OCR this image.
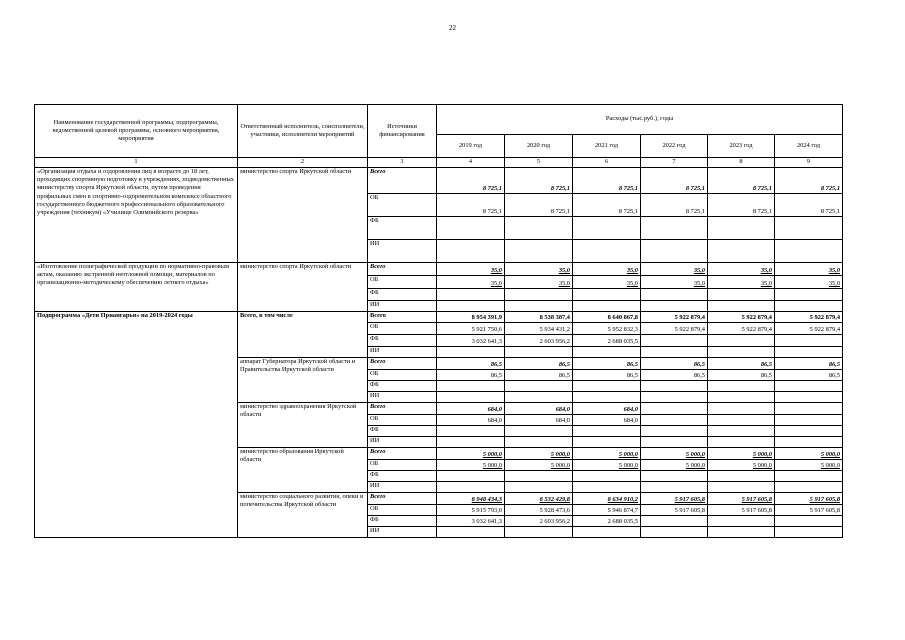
22
Наименование государственной программы, подпрограммы, ведомственной целевой программы, основного мероприятия, мероприятия	Ответственный исполнитель, соисполнители, участники, исполнители мероприятий	Источники финансирования	Расходы (тыс.руб.), годы					
			2019 год	2020 год	2021 год	2022 год	2023 год	2024 год
1	2	3	4	5	6	7	8	9
«Организация отдыха и оздоровления лиц в возрасте до 18 лет, проходящих спортивную подготовку в учреждениях, подведомственных министерству спорта Иркутской области, путем проведения профильных смен в спортивно-оздоровительном комплексе областного государственного бюджетного профессионального образовательного учреждения (техникум) «Училище Олимпийского резерва»	министерство спорта Иркутской области	Всего	8 725,1	8 725,1	8 725,1	8 725,1	8 725,1	8 725,1
		ОБ	8 725,1	8 725,1	8 725,1	8 725,1	8 725,1	8 725,1
		ФБ						
		ИИ						
«Изготовление полиграфической продукции по нормативно-правовым актам, оказанию экстренной неотложной помощи, материалов по организационно-методическому обеспечению летнего отдыха»	министерство спорта Иркутской области	Всего	35,0	35,0	35,0	35,0	35,0	35,0
		ОБ	35,0	35,0	35,0	35,0	35,0	35,0
		ФБ						
		ИИ						
Подпрограмма «Дети Приангарья» на 2019-2024 годы	Всего, в том числе	Всего	8 954 391,9	8 538 387,4	8 640 867,8	5 922 879,4	5 922 879,4	5 922 879,4
		ОБ	5 921 750,6	5 934 431,2	5 952 832,3	5 922 879,4	5 922 879,4	5 922 879,4
		ФБ	3 032 641,3	2 603 956,2	2 688 035,5			
		ИИ						
	аппарат Губернатора Иркутской области и Правительства Иркутской области	Всего	86,5	86,5	86,5	86,5	86,5	86,5
		ОБ	86,5	86,5	86,5	86,5	86,5	86,5
		ФБ						
		ИИ						
	министерство здравоохранения Иркутской области	Всего	684,0	684,0	684,0			
		ОБ	684,0	684,0	684,0			
		ФБ						
		ИИ						
	министерство образования Иркутской области	Всего	5 000,0	5 000,0	5 000,0	5 000,0	5 000,0	5 000,0
		ОБ	5 000,0	5 000,0	5 000,0	5 000,0	5 000,0	5 000,0
		ФБ						
		ИИ						
	министерство социального развития, опеки и попечительства Иркутской области	Всего	8 948 434,3	8 532 429,8	8 634 910,2	5 917 605,8	5 917 605,8	5 917 605,8
		ОБ	5 915 793,0	5 928 473,6	5 946 874,7	5 917 605,8	5 917 605,8	5 917 605,8
		ФБ	3 032 641,3	2 603 956,2	2 688 035,5			
		ИИ						
